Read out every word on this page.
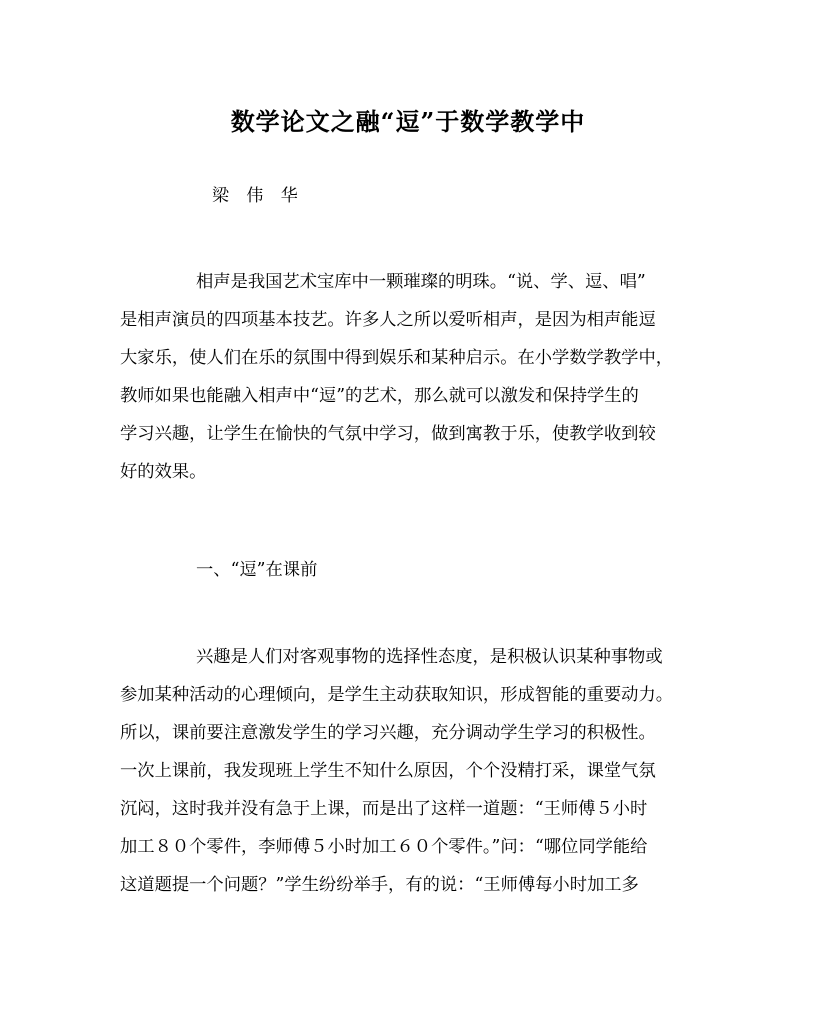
数学论文之融“逗”于数学教学中
梁 伟 华
相声是我国艺术宝库中一颗璀璨的明珠。“说、学、逗、唱”
是相声演员的四项基本技艺。许多人之所以爱听相声，是因为相声能逗
大家乐，使人们在乐的氛围中得到娱乐和某种启示。在小学数学教学中，
教师如果也能融入相声中“逗”的艺术，那么就可以激发和保持学生的
学习兴趣，让学生在愉快的气氛中学习，做到寓教于乐，使教学收到较
好的效果。
一、“逗”在课前
兴趣是人们对客观事物的选择性态度，是积极认识某种事物或
参加某种活动的心理倾向，是学生主动获取知识，形成智能的重要动力。
所以，课前要注意激发学生的学习兴趣，充分调动学生学习的积极性。
一次上课前，我发现班上学生不知什么原因，个个没精打采，课堂气氛
沉闷，这时我并没有急于上课，而是出了这样一道题：“王师傅５小时
加工８０个零件，李师傅５小时加工６０个零件。”问：“哪位同学能给
这道题提一个问题？”学生纷纷举手，有的说：“王师傅每小时加工多
